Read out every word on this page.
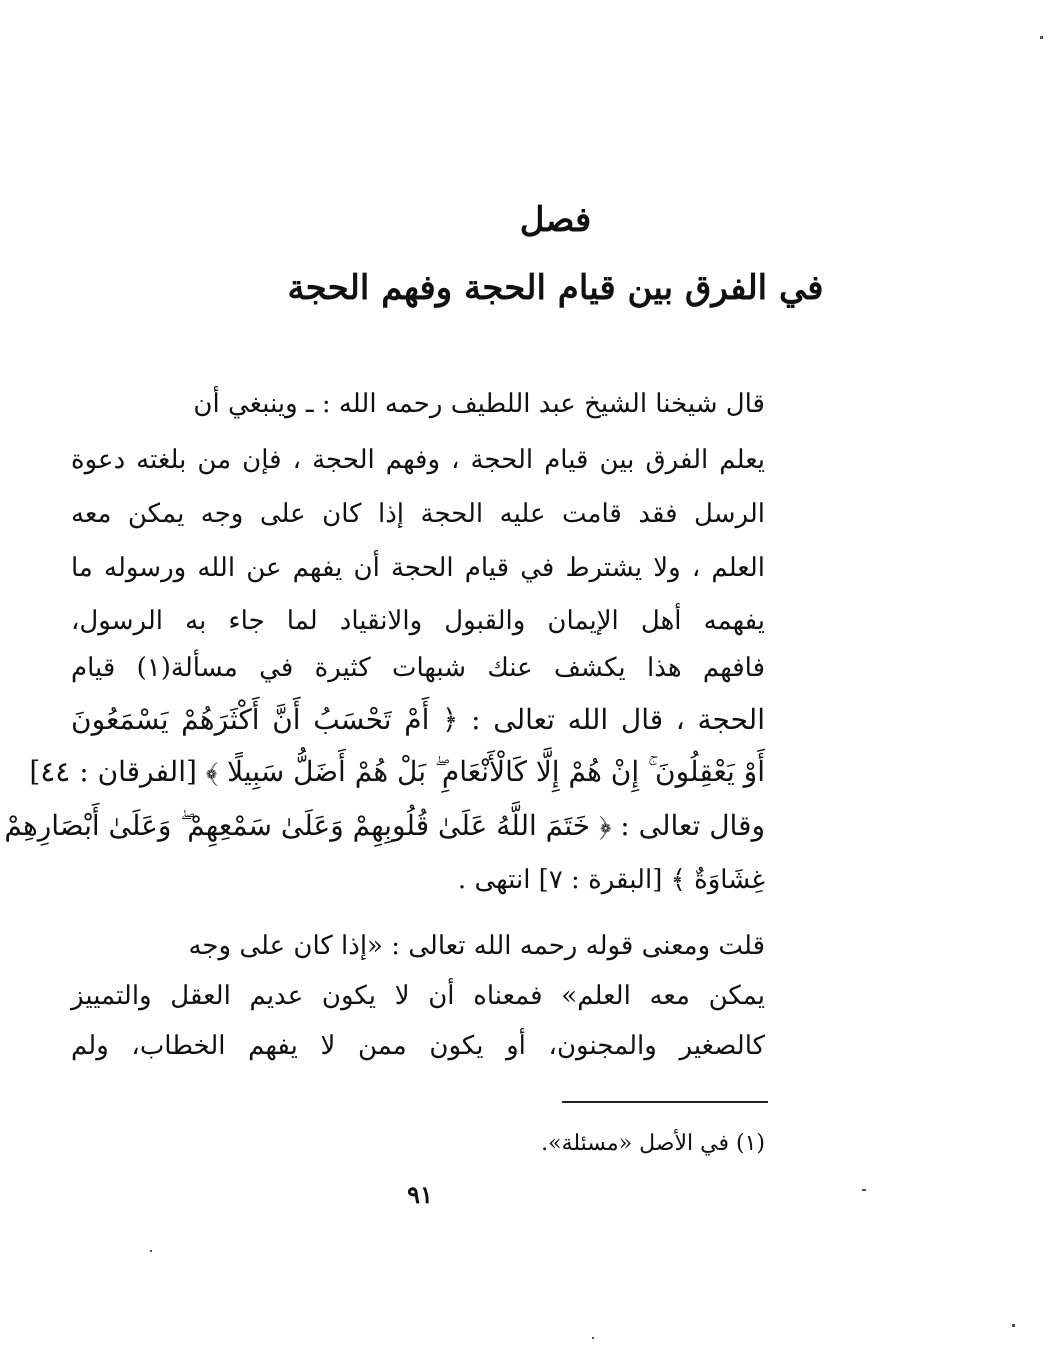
فصل
في الفرق بين قيام الحجة وفهم الحجة
قال شيخنا الشيخ عبد اللطيف رحمه الله : ـ وينبغي أن
يعلم الفرق بين قيام الحجة ، وفهم الحجة ، فإن من بلغته دعوة
الرسل فقد قامت عليه الحجة إذا كان على وجه يمكن معه
العلم ، ولا يشترط في قيام الحجة أن يفهم عن الله ورسوله ما
يفهمه أهل الإيمان والقبول والانقياد لما جاء به الرسول،
فافهم هذا يكشف عنك شبهات كثيرة في مسألة(١) قيام
الحجة ، قال الله تعالى : ﴿ أَمْ تَحْسَبُ أَنَّ أَكْثَرَهُمْ يَسْمَعُونَ
أَوْ يَعْقِلُونَ ۚ إِنْ هُمْ إِلَّا كَالْأَنْعَامِ ۖ بَلْ هُمْ أَضَلُّ سَبِيلًا ﴾ [الفرقان : ٤٤]
وقال تعالى : ﴿ خَتَمَ اللَّهُ عَلَىٰ قُلُوبِهِمْ وَعَلَىٰ سَمْعِهِمْ ۖ وَعَلَىٰ أَبْصَارِهِمْ
غِشَاوَةٌ ﴾ [البقرة : ٧] انتهى .
قلت ومعنى قوله رحمه الله تعالى : «إذا كان على وجه
يمكن معه العلم» فمعناه أن لا يكون عديم العقل والتمييز
كالصغير والمجنون، أو يكون ممن لا يفهم الخطاب، ولم
(١) في الأصل «مسئلة».
٩١
